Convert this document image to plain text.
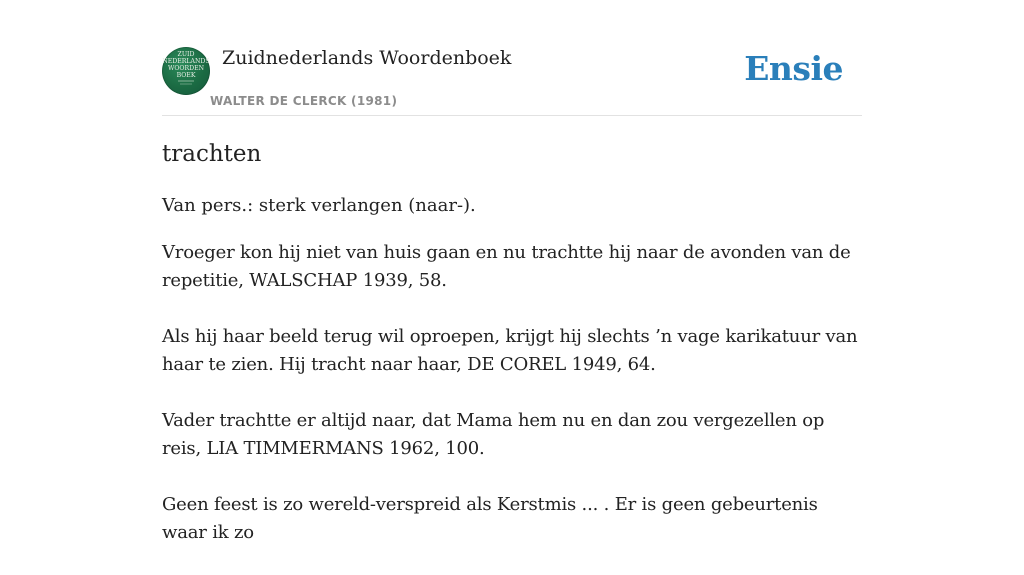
ZUID
NEDERLANDS
WOORDEN
BOEK
Zuidnederlands Woordenboek
WALTER DE CLERCK (1981)
Ensie
trachten

Van pers.: sterk verlangen (naar-).

Vroeger kon hij niet van huis gaan en nu trachtte hij naar de avonden van de repetitie, WALSCHAP 1939, 58.

Als hij haar beeld terug wil oproepen, krijgt hij slechts ’n vage karikatuur van haar te zien. Hij tracht naar haar, DE COREL 1949, 64.

Vader trachtte er altijd naar, dat Mama hem nu en dan zou vergezellen op reis, LIA TIMMERMANS 1962, 100.

Geen feest is zo wereld-verspreid als Kerstmis ... . Er is geen gebeurtenis waar ik zo
